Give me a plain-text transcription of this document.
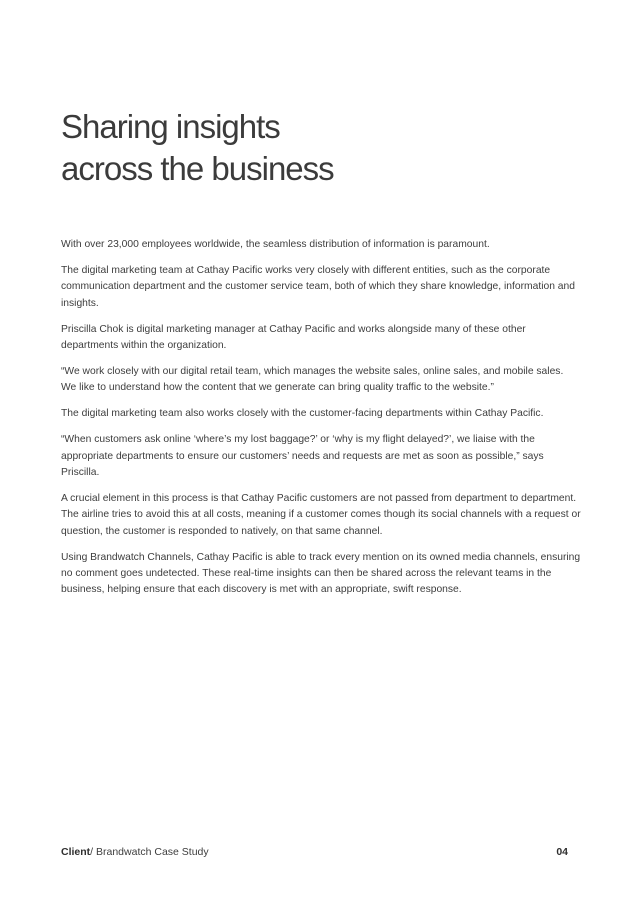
Sharing insights
across the business

With over 23,000 employees worldwide, the seamless distribution of information is paramount.

The digital marketing team at Cathay Pacific works very closely with different entities, such as the corporate communication department and the customer service team, both of which they share knowledge, information and insights.

Priscilla Chok is digital marketing manager at Cathay Pacific and works alongside many of these other departments within the organization.

“We work closely with our digital retail team, which manages the website sales, online sales, and mobile sales. We like to understand how the content that we generate can bring quality traffic to the website.”

The digital marketing team also works closely with the customer-facing departments within Cathay Pacific.

“When customers ask online ‘where’s my lost baggage?’ or ‘why is my flight delayed?’, we liaise with the appropriate departments to ensure our customers’ needs and requests are met as soon as possible,” says Priscilla.

A crucial element in this process is that Cathay Pacific customers are not passed from department to department. The airline tries to avoid this at all costs, meaning if a customer comes though its social channels with a request or question, the customer is responded to natively, on that same channel.

Using Brandwatch Channels, Cathay Pacific is able to track every mention on its owned media channels, ensuring no comment goes undetected. These real-time insights can then be shared across the relevant teams in the business, helping ensure that each discovery is met with an appropriate, swift response.

Client/ Brandwatch Case Study	04
